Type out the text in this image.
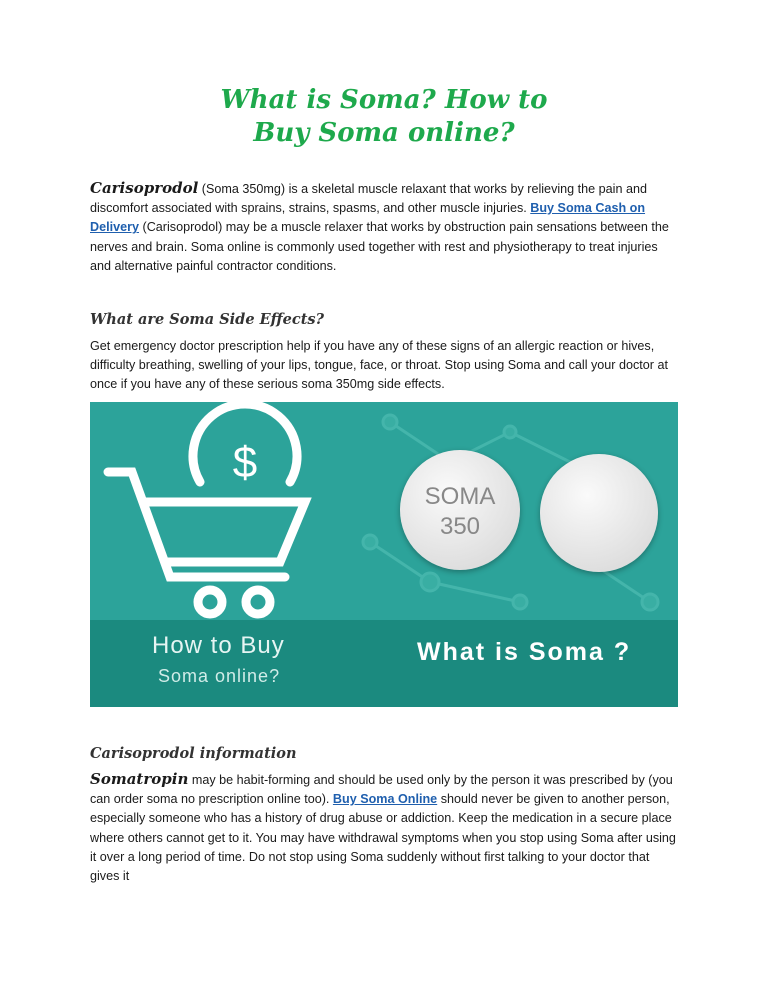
What is Soma? How to
Buy Soma online?
Carisoprodol (Soma 350mg) is a skeletal muscle relaxant that works by relieving the pain and discomfort associated with sprains, strains, spasms, and other muscle injuries. Buy Soma Cash on Delivery (Carisoprodol) may be a muscle relaxer that works by obstruction pain sensations between the nerves and brain. Soma online is commonly used together with rest and physiotherapy to treat injuries and alternative painful contractor conditions.
What are Soma Side Effects?
Get emergency doctor prescription help if you have any of these signs of an allergic reaction or hives, difficulty breathing, swelling of your lips, tongue, face, or throat. Stop using Soma and call your doctor at once if you have any of these serious soma 350mg side effects.
$
SOMA
350
How to Buy
Soma online?
What is Soma ?
Carisoprodol information
Somatropin may be habit-forming and should be used only by the person it was prescribed by (you can order soma no prescription online too). Buy Soma Online should never be given to another person, especially someone who has a history of drug abuse or addiction. Keep the medication in a secure place where others cannot get to it. You may have withdrawal symptoms when you stop using Soma after using it over a long period of time. Do not stop using Soma suddenly without first talking to your doctor that gives it
